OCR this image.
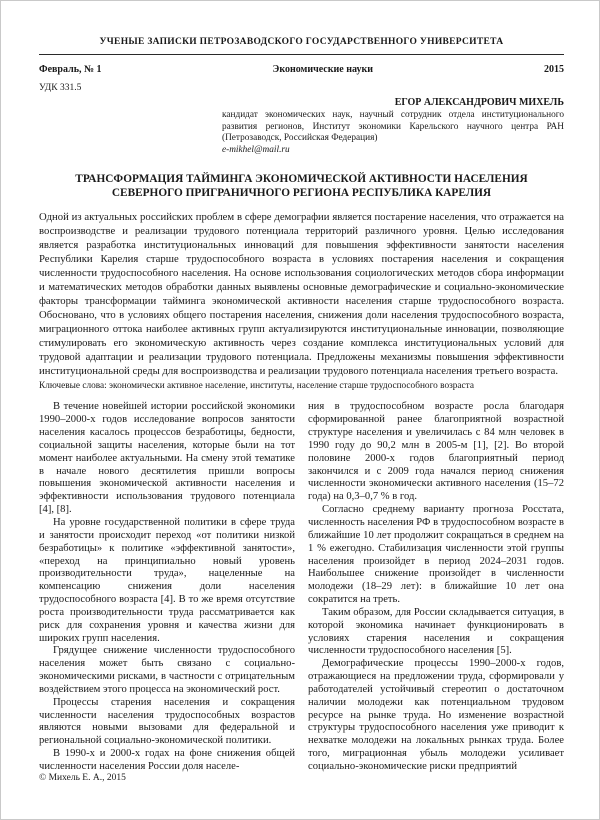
УЧЕНЫЕ ЗАПИСКИ ПЕТРОЗАВОДСКОГО ГОСУДАРСТВЕННОГО УНИВЕРСИТЕТА
Февраль, № 1	Экономические науки	2015
УДК 331.5
ЕГОР АЛЕКСАНДРОВИЧ МИХЕЛЬ
кандидат экономических наук, научный сотрудник отдела институционального развития регионов, Институт экономики Карельского научного центра РАН (Петрозаводск, Российская Федерация)
e-mikhel@mail.ru
ТРАНСФОРМАЦИЯ ТАЙМИНГА ЭКОНОМИЧЕСКОЙ АКТИВНОСТИ НАСЕЛЕНИЯ
СЕВЕРНОГО ПРИГРАНИЧНОГО РЕГИОНА РЕСПУБЛИКА КАРЕЛИЯ
Одной из актуальных российских проблем в сфере демографии является постарение населения, что отражается на воспроизводстве и реализации трудового потенциала территорий различного уровня. Целью исследования является разработка институциональных инноваций для повышения эффективности занятости населения Республики Карелия старше трудоспособного возраста в условиях постарения населения и сокращения численности трудоспособного населения. На основе использования социологических методов сбора информации и математических методов обработки данных выявлены основные демографические и социально-экономические факторы трансформации тайминга экономической активности населения старше трудоспособного возраста. Обосновано, что в условиях общего постарения населения, снижения доли населения трудоспособного возраста, миграционного оттока наиболее активных групп актуализируются институциональные инновации, позволяющие стимулировать его экономическую активность через создание комплекса институциональных условий для трудовой адаптации и реализации трудового потенциала. Предложены механизмы повышения эффективности институциональной среды для воспроизводства и реализации трудового потенциала населения третьего возраста.
Ключевые слова: экономически активное население, институты, население старше трудоспособного возраста

В течение новейшей истории российской экономики 1990–2000-х годов исследование вопросов занятости населения касалось процессов безработицы, бедности, социальной защиты населения, которые были на тот момент наиболее актуальными. На смену этой тематике в начале нового десятилетия пришли вопросы повышения экономической активности населения и эффективности использования трудового потенциала [4], [8].

На уровне государственной политики в сфере труда и занятости происходит переход «от политики низкой безработицы» к политике «эффективной занятости», «переход на принципиально новый уровень производительности труда», нацеленные на компенсацию снижения доли населения трудоспособного возраста [4]. В то же время отсутствие роста производительности труда рассматривается как риск для сохранения уровня и качества жизни для широких групп населения.

Грядущее снижение численности трудоспособного населения может быть связано с социально-экономическими рисками, в частности с отрицательным воздействием этого процесса на экономический рост.

Процессы старения населения и сокращения численности населения трудоспособных возрастов являются новыми вызовами для федеральной и региональной социально-экономической политики.

В 1990-х и 2000-х годах на фоне снижения общей численности населения России доля населе-

ния в трудоспособном возрасте росла благодаря сформированной ранее благоприятной возрастной структуре населения и увеличилась с 84 млн человек в 1990 году до 90,2 млн в 2005-м [1], [2]. Во второй половине 2000-х годов благоприятный период закончился и с 2009 года начался период снижения численности экономически активного населения (15–72 года) на 0,3–0,7 % в год.

Согласно среднему варианту прогноза Росстата, численность населения РФ в трудоспособном возрасте в ближайшие 10 лет продолжит сокращаться в среднем на 1 % ежегодно. Стабилизация численности этой группы населения произойдет в период 2024–2031 годов. Наибольшее снижение произойдет в численности молодежи (18–29 лет): в ближайшие 10 лет она сократится на треть.

Таким образом, для России складывается ситуация, в которой экономика начинает функционировать в условиях старения населения и сокращения численности трудоспособного населения [5].

Демографические процессы 1990–2000-х годов, отражающиеся на предложении труда, сформировали у работодателей устойчивый стереотип о достаточном наличии молодежи как потенциальном трудовом ресурсе на рынке труда. Но изменение возрастной структуры трудоспособного населения уже приводит к нехватке молодежи на локальных рынках труда. Более того, миграционная убыль молодежи усиливает социально-экономические риски предприятий

© Михель Е. А., 2015
